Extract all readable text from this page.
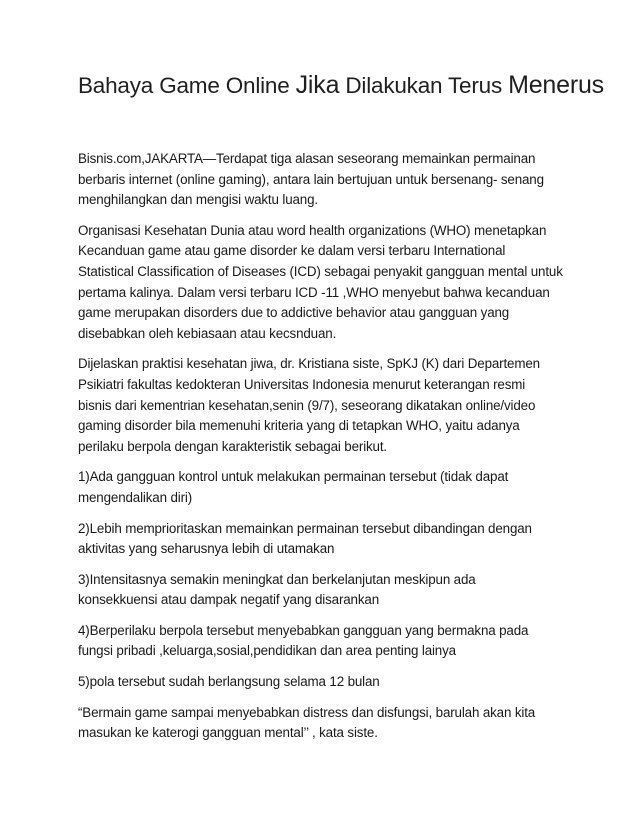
Bahaya Game Online Jika Dilakukan Terus Menerus

Bisnis.com,JAKARTA—Terdapat tiga alasan seseorang memainkan permainan
berbaris internet (online gaming), antara lain bertujuan untuk bersenang- senang
menghilangkan dan mengisi waktu luang.

Organisasi Kesehatan Dunia atau word health organizations (WHO) menetapkan
Kecanduan game atau game disorder ke dalam versi terbaru International
Statistical Classification of Diseases (ICD) sebagai penyakit gangguan mental untuk
pertama kalinya. Dalam versi terbaru ICD -11 ,WHO menyebut bahwa kecanduan
game merupakan disorders due to addictive behavior atau gangguan yang
disebabkan oleh kebiasaan atau kecsnduan.

Dijelaskan praktisi kesehatan jiwa, dr. Kristiana siste, SpKJ (K) dari Departemen
Psikiatri fakultas kedokteran Universitas Indonesia menurut keterangan resmi
bisnis dari kementrian kesehatan,senin (9/7), seseorang dikatakan online/video
gaming disorder bila memenuhi kriteria yang di tetapkan WHO, yaitu adanya
perilaku berpola dengan karakteristik sebagai berikut.

1)Ada gangguan kontrol untuk melakukan permainan tersebut (tidak dapat
mengendalikan diri)

2)Lebih memprioritaskan memainkan permainan tersebut dibandingan dengan
aktivitas yang seharusnya lebih di utamakan

3)Intensitasnya semakin meningkat dan berkelanjutan meskipun ada
konsekkuensi atau dampak negatif yang disarankan

4)Berperilaku berpola tersebut menyebabkan gangguan yang bermakna pada
fungsi pribadi ,keluarga,sosial,pendidikan dan area penting lainya

5)pola tersebut sudah berlangsung selama 12 bulan

“Bermain game sampai menyebabkan distress dan disfungsi, barulah akan kita
masukan ke katerogi gangguan mental’’ , kata siste.
